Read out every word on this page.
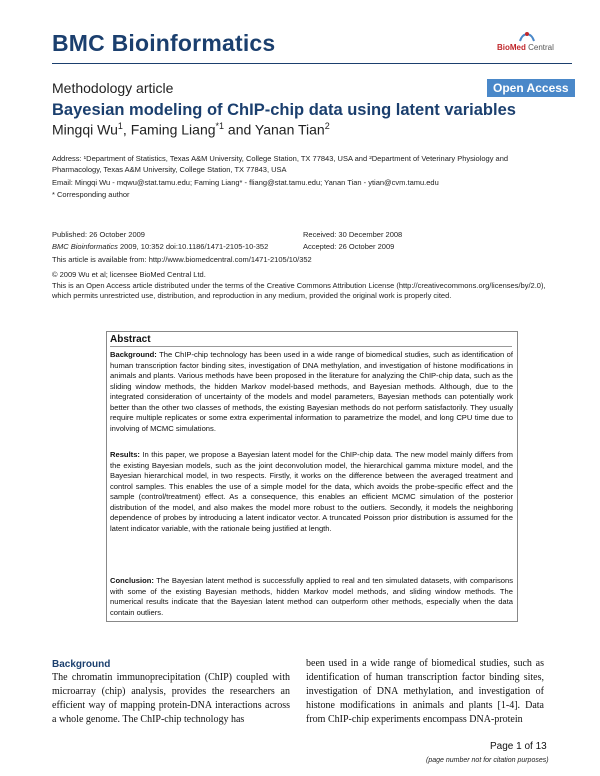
BMC Bioinformatics	BioMed Central
Methodology article	Open Access
Bayesian modeling of ChIP-chip data using latent variables
Mingqi Wu$^1$, Faming Liang$^{*1}$ and Yanan Tian$^2$
Address: ¹Department of Statistics, Texas A&M University, College Station, TX 77843, USA and ²Department of Veterinary Physiology and Pharmacology, Texas A&M University, College Station, TX 77843, USA
Email: Mingqi Wu - mqwu@stat.tamu.edu; Faming Liang* - fliang@stat.tamu.edu; Yanan Tian - ytian@cvm.tamu.edu
* Corresponding author
Published: 26 October 2009
BMC Bioinformatics 2009, 10:352 doi:10.1186/1471-2105-10-352
Received: 30 December 2008
Accepted: 26 October 2009
This article is available from: http://www.biomedcentral.com/1471-2105/10/352
© 2009 Wu et al; licensee BioMed Central Ltd.
This is an Open Access article distributed under the terms of the Creative Commons Attribution License (http://creativecommons.org/licenses/by/2.0), which permits unrestricted use, distribution, and reproduction in any medium, provided the original work is properly cited.
Abstract
Background: The ChIP-chip technology has been used in a wide range of biomedical studies, such as identification of human transcription factor binding sites, investigation of DNA methylation, and investigation of histone modifications in animals and plants. Various methods have been proposed in the literature for analyzing the ChIP-chip data, such as the sliding window methods, the hidden Markov model-based methods, and Bayesian methods. Although, due to the integrated consideration of uncertainty of the models and model parameters, Bayesian methods can potentially work better than the other two classes of methods, the existing Bayesian methods do not perform satisfactorily. They usually require multiple replicates or some extra experimental information to parametrize the model, and long CPU time due to involving of MCMC simulations.
Results: In this paper, we propose a Bayesian latent model for the ChIP-chip data. The new model mainly differs from the existing Bayesian models, such as the joint deconvolution model, the hierarchical gamma mixture model, and the Bayesian hierarchical model, in two respects. Firstly, it works on the difference between the averaged treatment and control samples. This enables the use of a simple model for the data, which avoids the probe-specific effect and the sample (control/treatment) effect. As a consequence, this enables an efficient MCMC simulation of the posterior distribution of the model, and also makes the model more robust to the outliers. Secondly, it models the neighboring dependence of probes by introducing a latent indicator vector. A truncated Poisson prior distribution is assumed for the latent indicator variable, with the rationale being justified at length.
Conclusion: The Bayesian latent method is successfully applied to real and ten simulated datasets, with comparisons with some of the existing Bayesian methods, hidden Markov model methods, and sliding window methods. The numerical results indicate that the Bayesian latent method can outperform other methods, especially when the data contain outliers.
Background
The chromatin immunoprecipitation (ChIP) coupled with microarray (chip) analysis, provides the researchers an efficient way of mapping protein-DNA interactions across a whole genome. The ChIP-chip technology has
been used in a wide range of biomedical studies, such as identification of human transcription factor binding sites, investigation of DNA methylation, and investigation of histone modifications in animals and plants [1-4]. Data from ChIP-chip experiments encompass DNA-protein
Page 1 of 13
(page number not for citation purposes)
